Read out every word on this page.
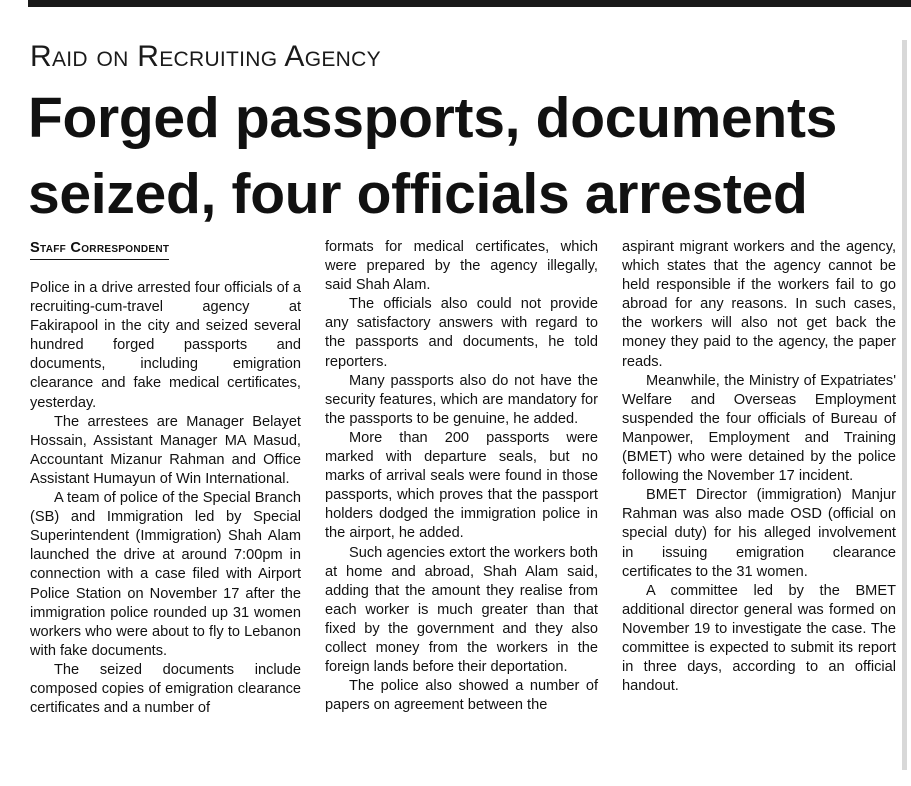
Raid on Recruiting Agency
Forged passports, documents
seized, four officials arrested
Staff Correspondent

Police in a drive arrested four officials of a recruiting-cum-travel agency at Fakirapool in the city and seized several hundred forged passports and documents, including emigration clearance and fake medical certificates, yesterday.

The arrestees are Manager Belayet Hossain, Assistant Manager MA Masud, Accountant Mizanur Rahman and Office Assistant Humayun of Win International.

A team of police of the Special Branch (SB) and Immigration led by Special Superintendent (Immigration) Shah Alam launched the drive at around 7:00pm in connection with a case filed with Airport Police Station on November 17 after the immigration police rounded up 31 women workers who were about to fly to Lebanon with fake documents.

The seized documents include composed copies of emigration clearance certificates and a number of

formats for medical certificates, which were prepared by the agency illegally, said Shah Alam.

The officials also could not provide any satisfactory answers with regard to the passports and documents, he told reporters.

Many passports also do not have the security features, which are mandatory for the passports to be genuine, he added.

More than 200 passports were marked with departure seals, but no marks of arrival seals were found in those passports, which proves that the passport holders dodged the immigration police in the airport, he added.

Such agencies extort the workers both at home and abroad, Shah Alam said, adding that the amount they realise from each worker is much greater than that fixed by the government and they also collect money from the workers in the foreign lands before their deportation.

The police also showed a number of papers on agreement between the

aspirant migrant workers and the agency, which states that the agency cannot be held responsible if the workers fail to go abroad for any reasons. In such cases, the workers will also not get back the money they paid to the agency, the paper reads.

Meanwhile, the Ministry of Expatriates' Welfare and Overseas Employment suspended the four officials of Bureau of Manpower, Employment and Training (BMET) who were detained by the police following the November 17 incident.

BMET Director (immigration) Manjur Rahman was also made OSD (official on special duty) for his alleged involvement in issuing emigration clearance certificates to the 31 women.

A committee led by the BMET additional director general was formed on November 19 to investigate the case. The committee is expected to submit its report in three days, according to an official handout.
